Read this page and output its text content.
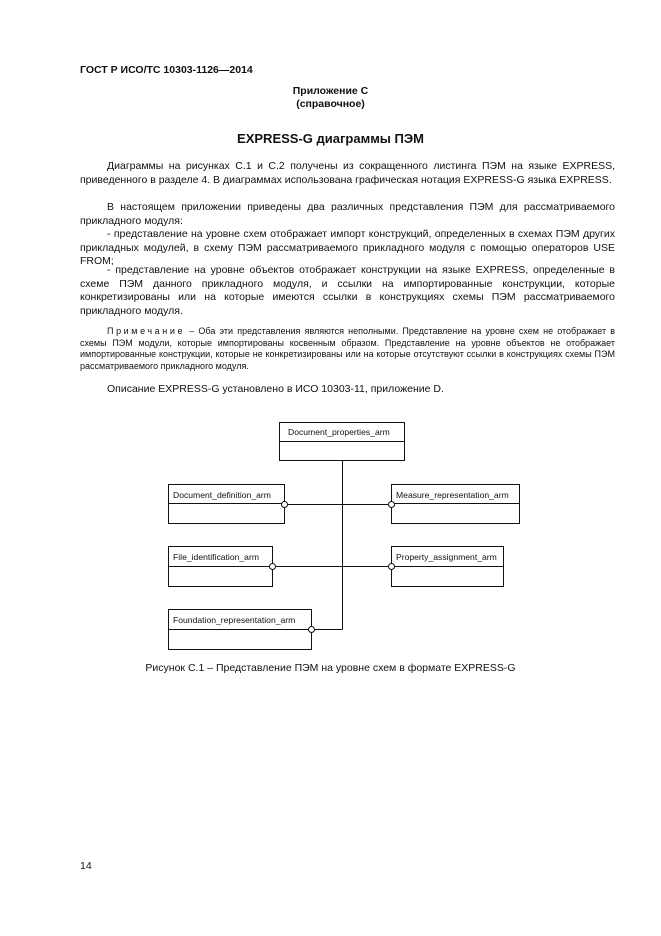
ГОСТ Р ИСО/ТС 10303-1126—2014
Приложение С
(справочное)
EXPRESS-G диаграммы ПЭМ
Диаграммы на рисунках С.1 и С.2 получены из сокращенного листинга ПЭМ на языке EXPRESS, приведенного в разделе 4. В диаграммах использована графическая нотация EXPRESS-G языка EXPRESS.
В настоящем приложении приведены два различных представления ПЭМ для рассматриваемого прикладного модуля:
- представление на уровне схем отображает импорт конструкций, определенных в схемах ПЭМ других прикладных модулей, в схему ПЭМ рассматриваемого прикладного модуля с помощью операторов USE FROM;
- представление на уровне объектов отображает конструкции на языке EXPRESS, определенные в схеме ПЭМ данного прикладного модуля, и ссылки на импортированные конструкции, которые конкретизированы или на которые имеются ссылки в конструкциях схемы ПЭМ рассматриваемого прикладного модуля.
Примечание – Оба эти представления являются неполными. Представление на уровне схем не отображает в схемы ПЭМ модули, которые импортированы косвенным образом. Представление на уровне объектов не отображает импортированные конструкции, которые не конкретизированы или на которые отсутствуют ссылки в конструкциях схемы ПЭМ рассматриваемого прикладного модуля.
Описание EXPRESS-G установлено в ИСО 10303-11, приложение D.
Document_properties_arm
Document_definition_arm	Measure_representation_arm
File_identification_arm	Property_assignment_arm
Foundation_representation_arm
Рисунок С.1 – Представление ПЭМ на уровне схем в формате EXPRESS-G
14
